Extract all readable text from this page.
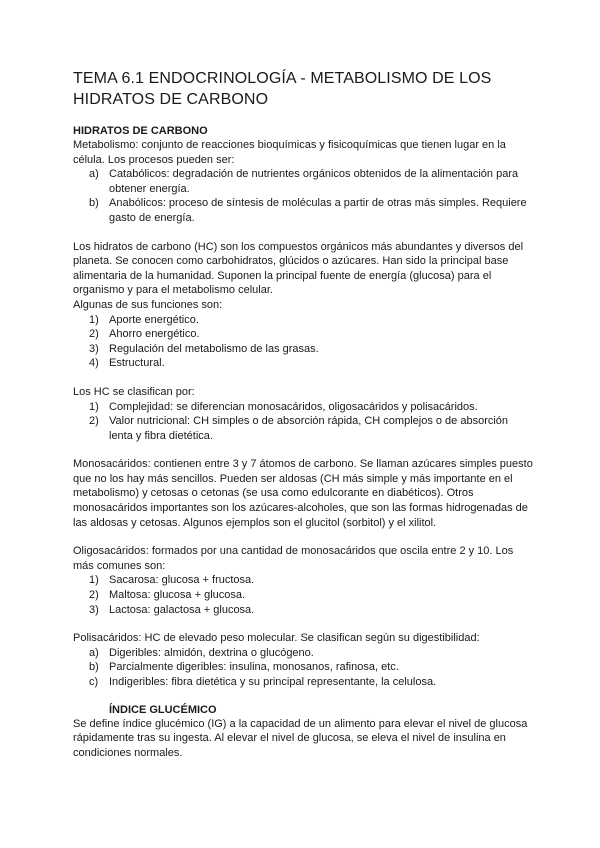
TEMA 6.1 ENDOCRINOLOGÍA - METABOLISMO DE LOS HIDRATOS DE CARBONO
HIDRATOS DE CARBONO

Metabolismo: conjunto de reacciones bioquímicas y fisicoquímicas que tienen lugar en la célula. Los procesos pueden ser:

a) Catabólicos: degradación de nutrientes orgánicos obtenidos de la alimentación para obtener energía.
b) Anabólicos: proceso de síntesis de moléculas a partir de otras más simples. Requiere gasto de energía.

Los hidratos de carbono (HC) son los compuestos orgánicos más abundantes y diversos del planeta. Se conocen como carbohidratos, glúcidos o azúcares. Han sido la principal base alimentaria de la humanidad. Suponen la principal fuente de energía (glucosa) para el organismo y para el metabolismo celular.

Algunas de sus funciones son:

1) Aporte energético.
2) Ahorro energético.
3) Regulación del metabolismo de las grasas.
4) Estructural.

Los HC se clasifican por:

1) Complejidad: se diferencian monosacáridos, oligosacáridos y polisacáridos.
2) Valor nutricional: CH simples o de absorción rápida, CH complejos o de absorción lenta y fibra dietética.

Monosacáridos: contienen entre 3 y 7 átomos de carbono. Se llaman azúcares simples puesto que no los hay más sencillos. Pueden ser aldosas (CH más simple y más importante en el metabolismo) y cetosas o cetonas (se usa como edulcorante en diabéticos). Otros monosacáridos importantes son los azúcares-alcoholes, que son las formas hidrogenadas de las aldosas y cetosas. Algunos ejemplos son el glucitol (sorbitol) y el xilitol.

Oligosacáridos: formados por una cantidad de monosacáridos que oscila entre 2 y 10. Los más comunes son:

1) Sacarosa: glucosa + fructosa.
2) Maltosa: glucosa + glucosa.
3) Lactosa: galactosa + glucosa.

Polisacáridos: HC de elevado peso molecular. Se clasifican según su digestibilidad:

a) Digeribles: almidón, dextrina o glucógeno.
b) Parcialmente digeribles: insulina, monosanos, rafinosa, etc.
c) Indigeribles: fibra dietética y su principal representante, la celulosa.
ÍNDICE GLUCÉMICO

Se define índice glucémico (IG) a la capacidad de un alimento para elevar el nivel de glucosa rápidamente tras su ingesta. Al elevar el nivel de glucosa, se eleva el nivel de insulina en condiciones normales.
